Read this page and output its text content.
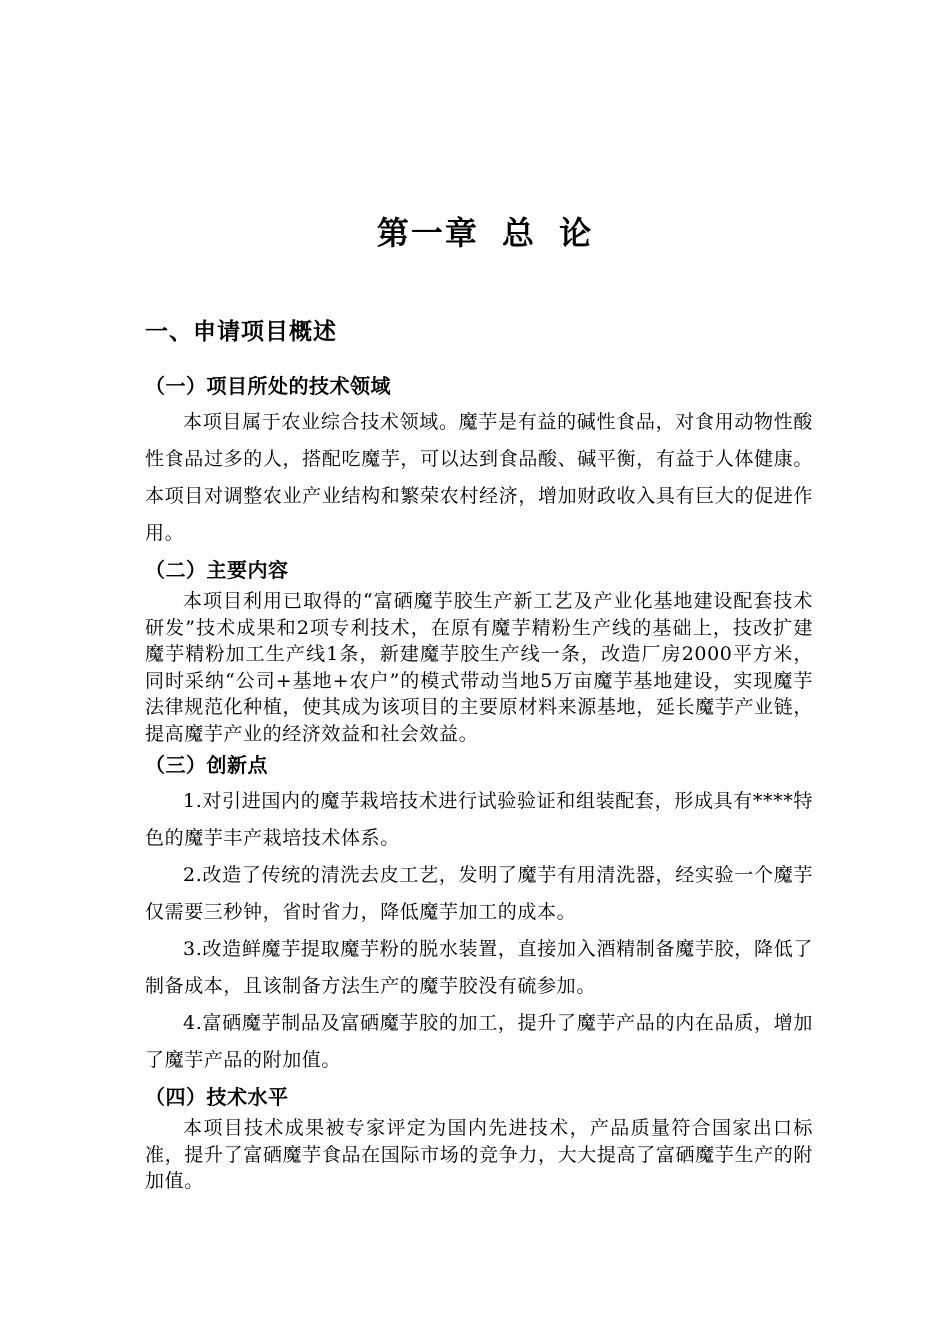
第一章 总 论
一、申请项目概述
（一）项目所处的技术领域

本项目属于农业综合技术领域。魔芋是有益的碱性食品，对食用动物性酸性食品过多的人，搭配吃魔芋，可以达到食品酸、碱平衡，有益于人体健康。本项目对调整农业产业结构和繁荣农村经济，增加财政收入具有巨大的促进作用。

（二）主要内容

本项目利用已取得的“富硒魔芋胶生产新工艺及产业化基地建设配套技术研发”技术成果和2项专利技术，在原有魔芋精粉生产线的基础上，技改扩建魔芋精粉加工生产线1条，新建魔芋胶生产线一条，改造厂房2000平方米，同时采纳“公司+基地+农户”的模式带动当地5万亩魔芋基地建设，实现魔芋法律规范化种植，使其成为该项目的主要原材料来源基地，延长魔芋产业链，提高魔芋产业的经济效益和社会效益。

（三）创新点

1.对引进国内的魔芋栽培技术进行试验验证和组装配套，形成具有****特色的魔芋丰产栽培技术体系。

2.改造了传统的清洗去皮工艺，发明了魔芋有用清洗器，经实验一个魔芋仅需要三秒钟，省时省力，降低魔芋加工的成本。

3.改造鲜魔芋提取魔芋粉的脱水装置，直接加入酒精制备魔芋胶，降低了制备成本，且该制备方法生产的魔芋胶没有硫参加。

4.富硒魔芋制品及富硒魔芋胶的加工，提升了魔芋产品的内在品质，增加了魔芋产品的附加值。

（四）技术水平

本项目技术成果被专家评定为国内先进技术，产品质量符合国家出口标准，提升了富硒魔芋食品在国际市场的竞争力，大大提高了富硒魔芋生产的附加值。
